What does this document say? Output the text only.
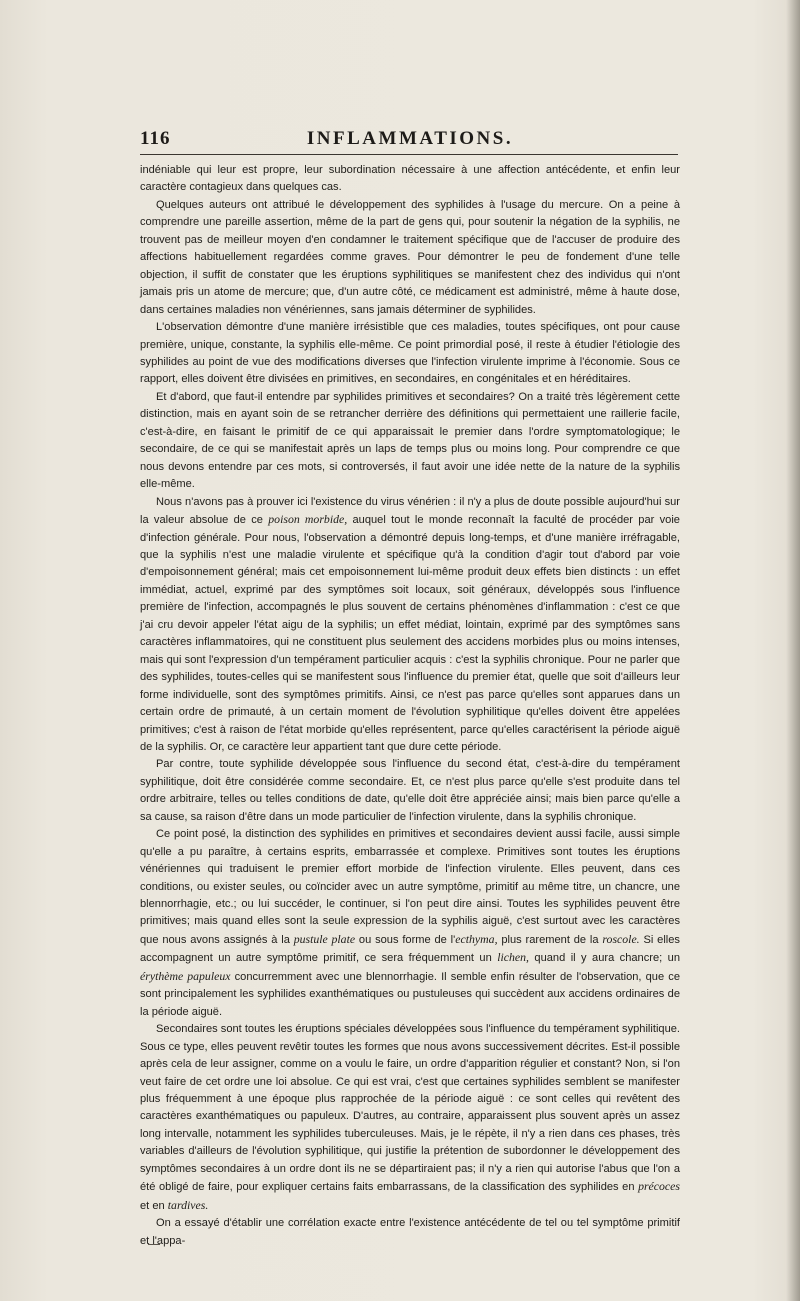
116	INFLAMMATIONS.

indéniable qui leur est propre, leur subordination nécessaire à une affection antécédente, et enfin leur caractère contagieux dans quelques cas.

Quelques auteurs ont attribué le développement des syphilides à l'usage du mercure. On a peine à comprendre une pareille assertion, même de la part de gens qui, pour soutenir la négation de la syphilis, ne trouvent pas de meilleur moyen d'en condamner le traitement spécifique que de l'accuser de produire des affections habituellement regardées comme graves. Pour démontrer le peu de fondement d'une telle objection, il suffit de constater que les éruptions syphilitiques se manifestent chez des individus qui n'ont jamais pris un atome de mercure; que, d'un autre côté, ce médicament est administré, même à haute dose, dans certaines maladies non vénériennes, sans jamais déterminer de syphilides.

L'observation démontre d'une manière irrésistible que ces maladies, toutes spécifiques, ont pour cause première, unique, constante, la syphilis elle-même. Ce point primordial posé, il reste à étudier l'étiologie des syphilides au point de vue des modifications diverses que l'infection virulente imprime à l'économie. Sous ce rapport, elles doivent être divisées en primitives, en secondaires, en congénitales et en héréditaires.

Et d'abord, que faut-il entendre par syphilides primitives et secondaires? On a traité très légèrement cette distinction, mais en ayant soin de se retrancher derrière des définitions qui permettaient une raillerie facile, c'est-à-dire, en faisant le primitif de ce qui apparaissait le premier dans l'ordre symptomatologique; le secondaire, de ce qui se manifestait après un laps de temps plus ou moins long. Pour comprendre ce que nous devons entendre par ces mots, si controversés, il faut avoir une idée nette de la nature de la syphilis elle-même.

Nous n'avons pas à prouver ici l'existence du virus vénérien : il n'y a plus de doute possible aujourd'hui sur la valeur absolue de ce poison morbide, auquel tout le monde reconnaît la faculté de procéder par voie d'infection générale. Pour nous, l'observation a démontré depuis long-temps, et d'une manière irréfragable, que la syphilis n'est une maladie virulente et spécifique qu'à la condition d'agir tout d'abord par voie d'empoisonnement général; mais cet empoisonnement lui-même produit deux effets bien distincts : un effet immédiat, actuel, exprimé par des symptômes soit locaux, soit généraux, développés sous l'influence première de l'infection, accompagnés le plus souvent de certains phénomènes d'inflammation : c'est ce que j'ai cru devoir appeler l'état aigu de la syphilis; un effet médiat, lointain, exprimé par des symptômes sans caractères inflammatoires, qui ne constituent plus seulement des accidens morbides plus ou moins intenses, mais qui sont l'expression d'un tempérament particulier acquis : c'est la syphilis chronique. Pour ne parler que des syphilides, toutes-celles qui se manifestent sous l'influence du premier état, quelle que soit d'ailleurs leur forme individuelle, sont des symptômes primitifs. Ainsi, ce n'est pas parce qu'elles sont apparues dans un certain ordre de primauté, à un certain moment de l'évolution syphilitique qu'elles doivent être appelées primitives; c'est à raison de l'état morbide qu'elles représentent, parce qu'elles caractérisent la période aiguë de la syphilis. Or, ce caractère leur appartient tant que dure cette période.

Par contre, toute syphilide développée sous l'influence du second état, c'est-à-dire du tempérament syphilitique, doit être considérée comme secondaire. Et, ce n'est plus parce qu'elle s'est produite dans tel ordre arbitraire, telles ou telles conditions de date, qu'elle doit être appréciée ainsi; mais bien parce qu'elle a sa cause, sa raison d'être dans un mode particulier de l'infection virulente, dans la syphilis chronique.

Ce point posé, la distinction des syphilides en primitives et secondaires devient aussi facile, aussi simple qu'elle a pu paraître, à certains esprits, embarrassée et complexe. Primitives sont toutes les éruptions vénériennes qui traduisent le premier effort morbide de l'infection virulente. Elles peuvent, dans ces conditions, ou exister seules, ou coïncider avec un autre symptôme, primitif au même titre, un chancre, une blennorrhagie, etc.; ou lui succéder, le continuer, si l'on peut dire ainsi. Toutes les syphilides peuvent être primitives; mais quand elles sont la seule expression de la syphilis aiguë, c'est surtout avec les caractères que nous avons assignés à la pustule plate ou sous forme de l'ecthyma, plus rarement de la roscole. Si elles accompagnent un autre symptôme primitif, ce sera fréquemment un lichen, quand il y aura chancre; un érythème papuleux concurremment avec une blennorrhagie. Il semble enfin résulter de l'observation, que ce sont principalement les syphilides exanthématiques ou pustuleuses qui succèdent aux accidens ordinaires de la période aiguë.

Secondaires sont toutes les éruptions spéciales développées sous l'influence du tempérament syphilitique. Sous ce type, elles peuvent revêtir toutes les formes que nous avons successivement décrites. Est-il possible après cela de leur assigner, comme on a voulu le faire, un ordre d'apparition régulier et constant? Non, si l'on veut faire de cet ordre une loi absolue. Ce qui est vrai, c'est que certaines syphilides semblent se manifester plus fréquemment à une époque plus rapprochée de la période aiguë : ce sont celles qui revêtent des caractères exanthématiques ou papuleux. D'autres, au contraire, apparaissent plus souvent après un assez long intervalle, notamment les syphilides tuberculeuses. Mais, je le répète, il n'y a rien dans ces phases, très variables d'ailleurs de l'évolution syphilitique, qui justifie la prétention de subordonner le développement des symptômes secondaires à un ordre dont ils ne se départiraient pas; il n'y a rien qui autorise l'abus que l'on a été obligé de faire, pour expliquer certains faits embarrassans, de la classification des syphilides en précoces et en tardives.

On a essayé d'établir une corrélation exacte entre l'existence antécédente de tel ou tel symptôme primitif et l'appa-
